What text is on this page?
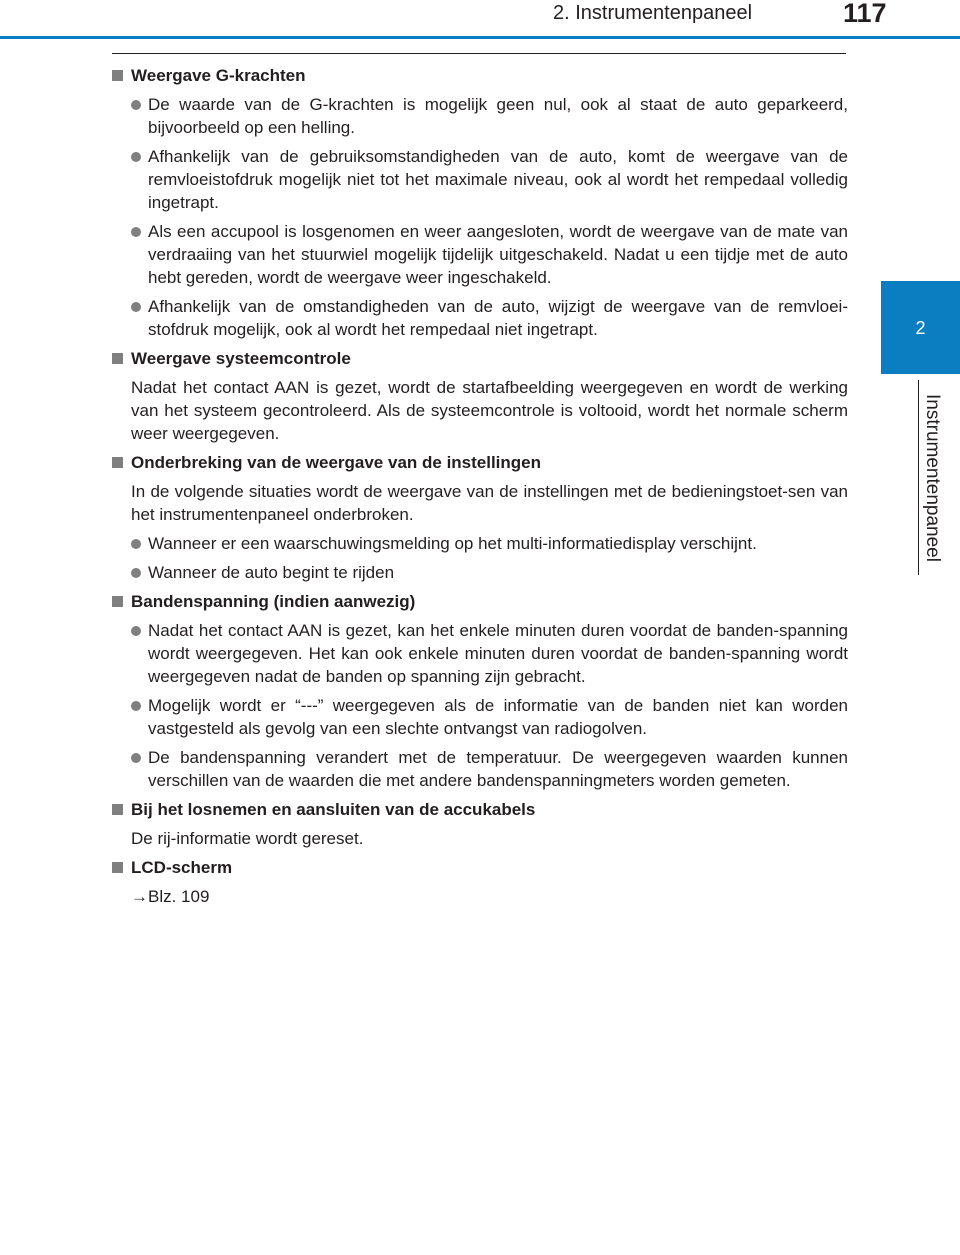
2. Instrumentenpaneel	117
2
Instrumentenpaneel
Weergave G-krachten
De waarde van de G-krachten is mogelijk geen nul, ook al staat de auto geparkeerd, bijvoorbeeld op een helling.
Afhankelijk van de gebruiksomstandigheden van de auto, komt de weergave van de remvloeistofdruk mogelijk niet tot het maximale niveau, ook al wordt het rempedaal volledig ingetrapt.
Als een accupool is losgenomen en weer aangesloten, wordt de weergave van de mate van verdraaiing van het stuurwiel mogelijk tijdelijk uitgeschakeld. Nadat u een tijdje met de auto hebt gereden, wordt de weergave weer ingeschakeld.
Afhankelijk van de omstandigheden van de auto, wijzigt de weergave van de remvloei-stofdruk mogelijk, ook al wordt het rempedaal niet ingetrapt.
Weergave systeemcontrole
Nadat het contact AAN is gezet, wordt de startafbeelding weergegeven en wordt de werking van het systeem gecontroleerd. Als de systeemcontrole is voltooid, wordt het normale scherm weer weergegeven.
Onderbreking van de weergave van de instellingen
In de volgende situaties wordt de weergave van de instellingen met de bedieningstoet-sen van het instrumentenpaneel onderbroken.
Wanneer er een waarschuwingsmelding op het multi-informatiedisplay verschijnt.
Wanneer de auto begint te rijden
Bandenspanning (indien aanwezig)
Nadat het contact AAN is gezet, kan het enkele minuten duren voordat de banden-spanning wordt weergegeven. Het kan ook enkele minuten duren voordat de banden-spanning wordt weergegeven nadat de banden op spanning zijn gebracht.
Mogelijk wordt er “---” weergegeven als de informatie van de banden niet kan worden vastgesteld als gevolg van een slechte ontvangst van radiogolven.
De bandenspanning verandert met de temperatuur. De weergegeven waarden kunnen verschillen van de waarden die met andere bandenspanningmeters worden gemeten.
Bij het losnemen en aansluiten van de accukabels
De rij-informatie wordt gereset.
LCD-scherm
→Blz. 109
